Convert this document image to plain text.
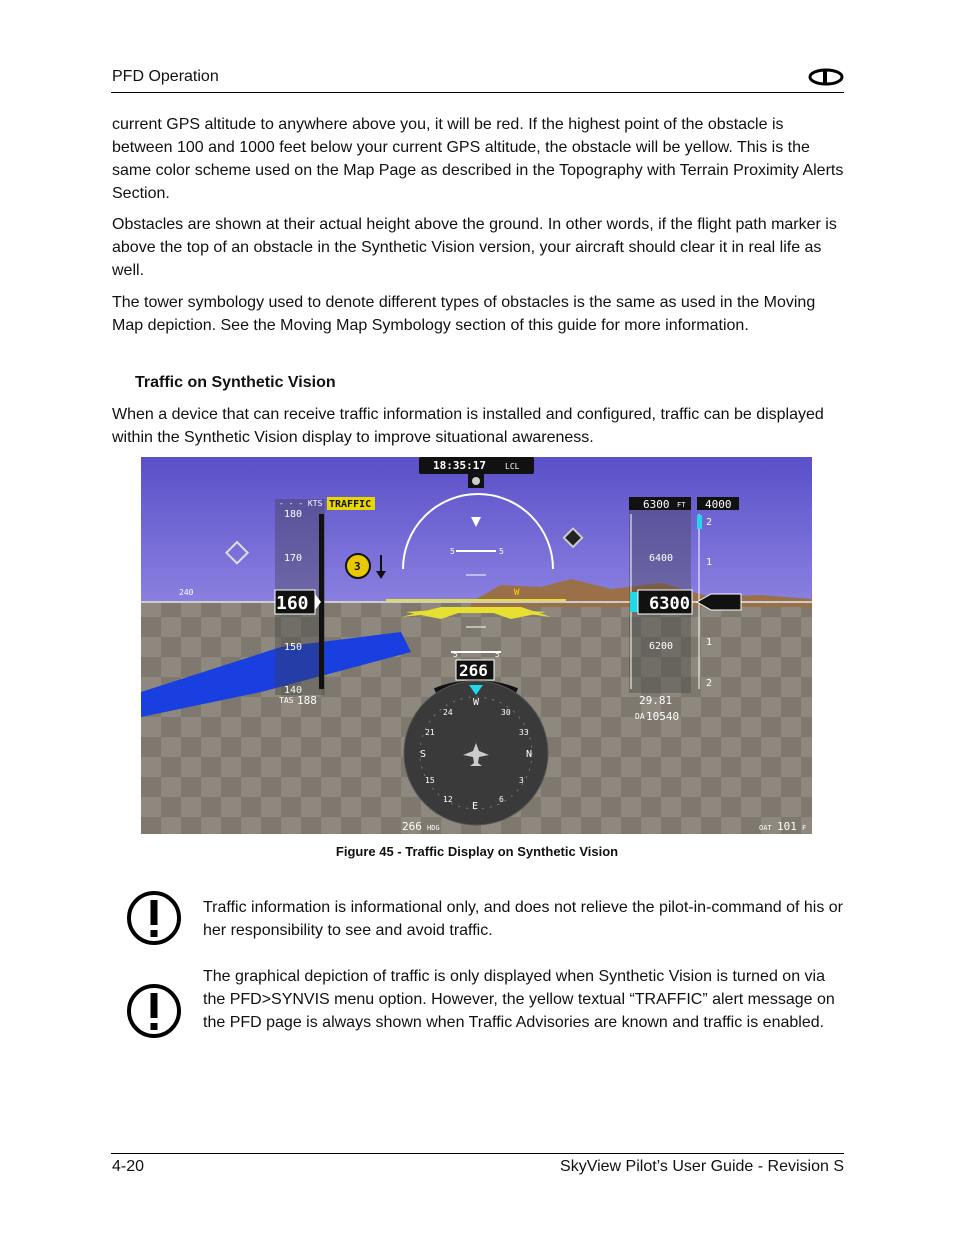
PFD Operation

current GPS altitude to anywhere above you, it will be red. If the highest point of the obstacle is between 100 and 1000 feet below your current GPS altitude, the obstacle will be yellow. This is the same color scheme used on the Map Page as described in the Topography with Terrain Proximity Alerts Section.

Obstacles are shown at their actual height above the ground. In other words, if the flight path marker is above the top of an obstacle in the Synthetic Vision version, your aircraft should clear it in real life as well.

The tower symbology used to denote different types of obstacles is the same as used in the Moving Map depiction. See the Moving Map Symbology section of this guide for more information.

Traffic on Synthetic Vision

When a device that can receive traffic information is installed and configured, traffic can be displayed within the Synthetic Vision display to improve situational awareness.

240
18:35:17 LCL
- - - KTS TRAFFIC
180
170
150
140
160
TAS 188
5	5
W
5	5
3
6300 FT 4000
6400
6200
6300
2
1
1
2
29.81
DA 10540
266
W
30
33
N
3
6
E
12
15
S
21
24
266 HDG	OAT 101 F
Figure 45 - Traffic Display on Synthetic Vision

Traffic information is informational only, and does not relieve the pilot-in-command of his or her responsibility to see and avoid traffic.

The graphical depiction of traffic is only displayed when Synthetic Vision is turned on via the PFD>SYNVIS menu option. However, the yellow textual “TRAFFIC” alert message on the PFD page is always shown when Traffic Advisories are known and traffic is enabled.

4-20	SkyView Pilot’s User Guide - Revision S
